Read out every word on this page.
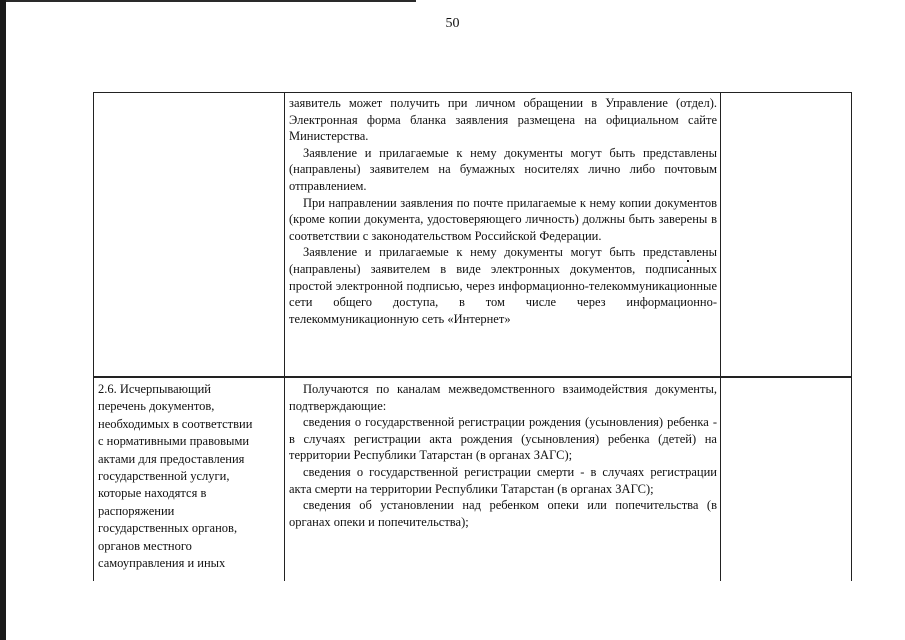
50

заявитель может получить при личном обращении в Управление (отдел). Электронная форма бланка заявления размещена на официальном сайте Министерства.

Заявление и прилагаемые к нему документы могут быть представлены (направлены) заявителем на бумажных носителях лично либо почтовым отправлением.

При направлении заявления по почте прилагаемые к нему копии документов (кроме копии документа, удостоверяющего личность) должны быть заверены в соответствии с законодательством Российской Федерации.

Заявление и прилагаемые к нему документы могут быть представлены (направлены) заявителем в виде электронных документов, подписанных простой электронной подписью, через информационно-телекоммуникационные сети общего доступа, в том числе через информационно-телекоммуникационную сеть «Интернет»

2.6. Исчерпывающий
перечень документов,
необходимых в соответствии
с нормативными правовыми
актами для предоставления
государственной услуги,
которые находятся в
распоряжении
государственных органов,
органов местного
самоуправления и иных

Получаются по каналам межведомственного взаимодействия документы, подтверждающие:

сведения о государственной регистрации рождения (усыновления) ребенка - в случаях регистрации акта рождения (усыновления) ребенка (детей) на территории Республики Татарстан (в органах ЗАГС);

сведения о государственной регистрации смерти - в случаях регистрации акта смерти на территории Республики Татарстан (в органах ЗАГС);

сведения об установлении над ребенком опеки или попечительства (в органах опеки и попечительства);
